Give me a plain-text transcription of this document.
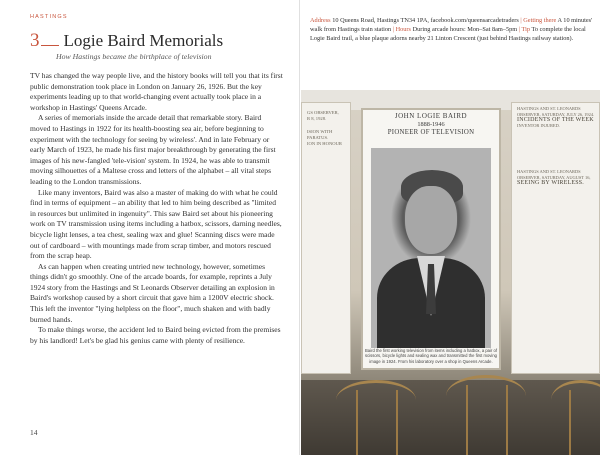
HASTINGS
3 Logie Baird Memorials
How Hastings became the birthplace of television

TV has changed the way people live, and the history books will tell you that its first public demonstration took place in London on January 26, 1926. But the key experiments leading up to that world-changing event actually took place in a workshop in Hastings' Queens Arcade.

A series of memorials inside the arcade detail that remarkable story. Baird moved to Hastings in 1922 for its health-boosting sea air, before beginning to experiment with the technology for seeing by wireless'. And in late February or early March of 1923, he made his first major breakthrough by generating the first images of his new-fangled 'tele-vision' system. In 1924, he was able to transmit moving silhouettes of a Maltese cross and letters of the alphabet – all vital steps leading to the London transmissions.

Like many inventors, Baird was also a master of making do with what he could find in terms of equipment – an ability that led to him being described as "limited in resources but unlimited in ingenuity". This saw Baird set about his pioneering work on TV transmission using items including a hatbox, scissors, darning needles, bicycle light lenses, a tea chest, sealing wax and glue! Scanning discs were made out of cardboard – with mountings made from scrap timber, and motors rescued from the scrap heap.

As can happen when creating untried new technology, however, sometimes things didn't go smoothly. One of the arcade boards, for example, reprints a July 1924 story from the Hastings and St Leonards Observer detailing an explosion in Baird's workshop caused by a short circuit that gave him a 1200V electric shock. This left the inventor "lying helpless on the floor", much shaken and with badly burned hands.

To make things worse, the accident led to Baird being evicted from the premises by his landlord! Let's be glad his genius came with plenty of resilience.

14
Address 10 Queens Road, Hastings TN34 1PA, facebook.com/queensarcadetraders | Getting there A 10 minutes' walk from Hastings train station | Hours During arcade hours: Mon–Sat 8am–5pm | Tip To complete the local Logie Baird trail, a blue plaque adorns nearby 21 Linton Crescent (just behind Hastings railway station).
GS OBSERVER,
R 8, 1928.

ISION WITH
PARATUS.
ION IN HONOUR
JOHN LOGIE BAIRD
1888-1946
PIONEER OF TELEVISION
Baird the first working television from items including a hatbox, a pair of scissors, bicycle lights and sealing wax and transmitted the first moving image in 1924. From his laboratory over a shop in Queens Arcade.
HASTINGS AND ST. LEONARDS OBSERVER, SATURDAY, JULY 26, 1924.
INCIDENTS OF THE WEEK
INVENTOR INJURED.
HASTINGS AND ST. LEONARDS OBSERVER, SATURDAY, AUGUST 16,
SEEING BY WIRELESS.
